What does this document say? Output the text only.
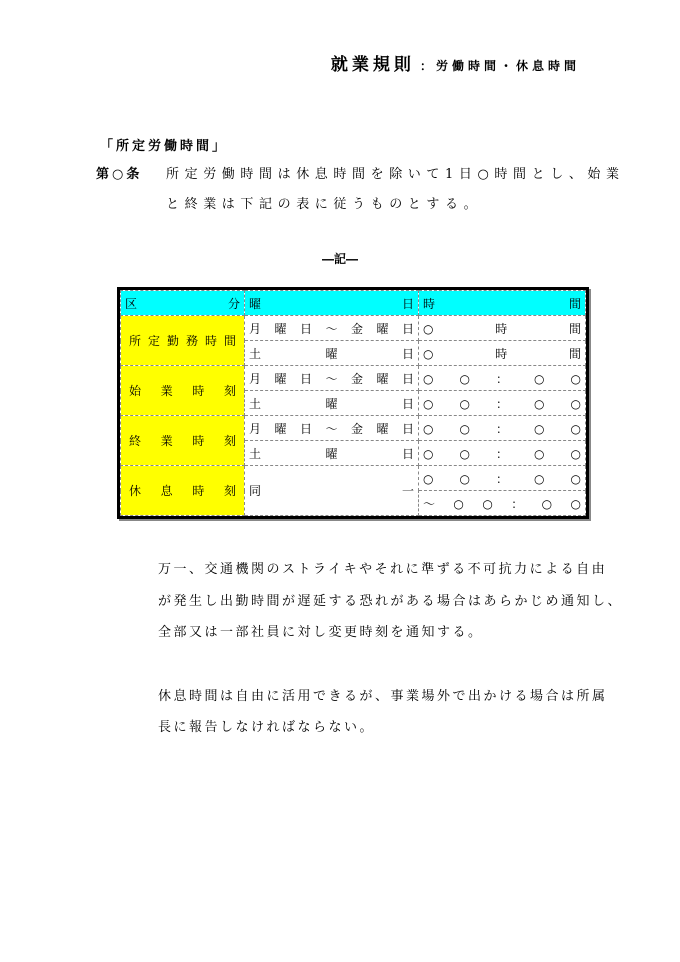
就業規則 ：労働時間・休息時間
「所定労働時間」
第○条 所定労働時間は休息時間を除いて1日○時間とし、始業
と終業は下記の表に従うものとする。
―記―
区　　　分	曜　　　日	時　　　間
所定勤務時間	月曜日～金曜日	○　　時　　間
	土　　曜　　日	○　　時　　間
始業時刻	月曜日～金曜日	○○：○○
	土　　曜　　日	○○：○○
終業時刻	月曜日～金曜日	○○：○○
	土　　曜　　日	○○：○○
休息時刻	同　　　　　　　一	○○：○○
		～○○：○○
万一、交通機関のストライキやそれに準ずる不可抗力による自由
が発生し出勤時間が遅延する恐れがある場合はあらかじめ通知し、
全部又は一部社員に対し変更時刻を通知する。
休息時間は自由に活用できるが、事業場外で出かける場合は所属
長に報告しなければならない。
